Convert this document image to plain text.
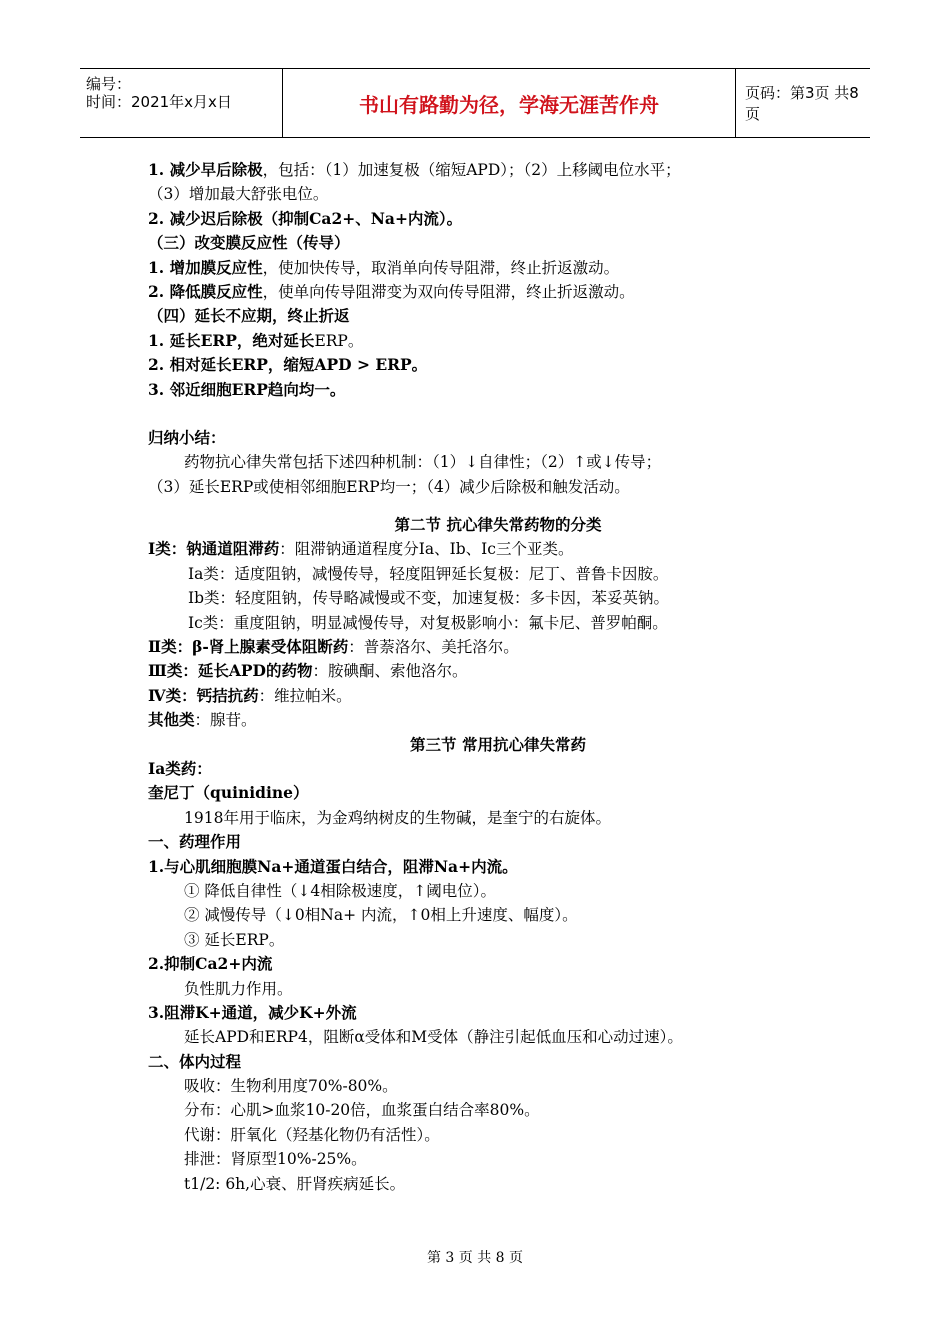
编号：
时间：2021年x月x日	书山有路勤为径，学海无涯苦作舟	页码：第3页 共8页
1. 减少早后除极，包括：（1）加速复极（缩短APD）；（2）上移阈电位水平；
（3）增加最大舒张电位。
2. 减少迟后除极（抑制Ca2+、Na+内流）。
（三）改变膜反应性（传导）
1. 增加膜反应性，使加快传导，取消单向传导阻滞，终止折返激动。
2. 降低膜反应性，使单向传导阻滞变为双向传导阻滞，终止折返激动。
（四）延长不应期，终止折返
1. 延长ERP，绝对延长ERP。
2. 相对延长ERP，缩短APD > ERP。
3. 邻近细胞ERP趋向均一。
归纳小结：
药物抗心律失常包括下述四种机制：（1）↓自律性；（2）↑或↓传导；
（3）延长ERP或使相邻细胞ERP均一；（4）减少后除极和触发活动。
第二节 抗心律失常药物的分类
Ⅰ类：钠通道阻滞药：阻滞钠通道程度分Ⅰa、Ⅰb、Ⅰc三个亚类。
Ⅰa类：适度阻钠，减慢传导，轻度阻钾延长复极：尼丁、普鲁卡因胺。
Ⅰb类：轻度阻钠，传导略减慢或不变，加速复极：多卡因，苯妥英钠。
Ⅰc类：重度阻钠，明显减慢传导，对复极影响小：氟卡尼、普罗帕酮。
Ⅱ类：β-肾上腺素受体阻断药：普萘洛尔、美托洛尔。
Ⅲ类：延长APD的药物：胺碘酮、索他洛尔。
Ⅳ类：钙拮抗药：维拉帕米。
其他类：腺苷。
第三节 常用抗心律失常药
Ⅰa类药：
奎尼丁（quinidine）
1918年用于临床，为金鸡纳树皮的生物碱，是奎宁的右旋体。
一、药理作用
1.与心肌细胞膜Na+通道蛋白结合，阻滞Na+内流。
① 降低自律性（↓4相除极速度，↑阈电位）。
② 减慢传导（↓0相Na+ 内流，↑0相上升速度、幅度）。
③ 延长ERP。
2.抑制Ca2+内流
负性肌力作用。
3.阻滞K+通道，减少K+外流
延长APD和ERP4，阻断α受体和M受体（静注引起低血压和心动过速）。
二、体内过程
吸收：生物利用度70%-80%。
分布：心肌>血浆10-20倍，血浆蛋白结合率80%。
代谢：肝氧化（羟基化物仍有活性）。
排泄：肾原型10%-25%。
t1/2: 6h,心衰、肝肾疾病延长。
第 3 页 共 8 页
